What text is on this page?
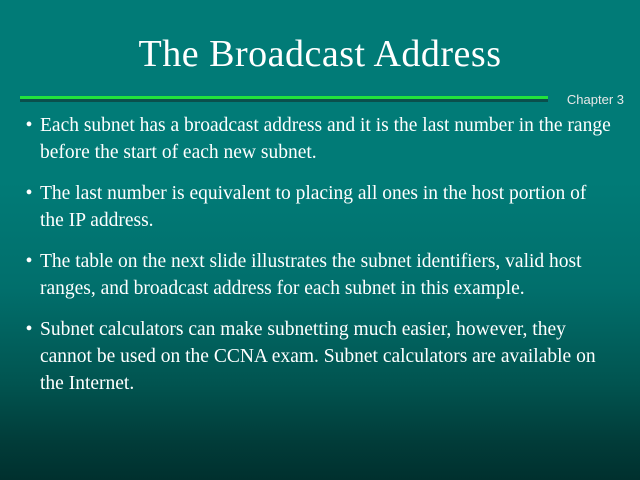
The Broadcast Address
Chapter 3
• Each subnet has a broadcast address and it is the last number in the range before the start of each new subnet.
• The last number is equivalent to placing all ones in the host portion of the IP address.
• The table on the next slide illustrates the subnet identifiers, valid host ranges, and broadcast address for each subnet in this example.
• Subnet calculators can make subnetting much easier, however, they cannot be used on the CCNA exam. Subnet calculators are available on the Internet.
